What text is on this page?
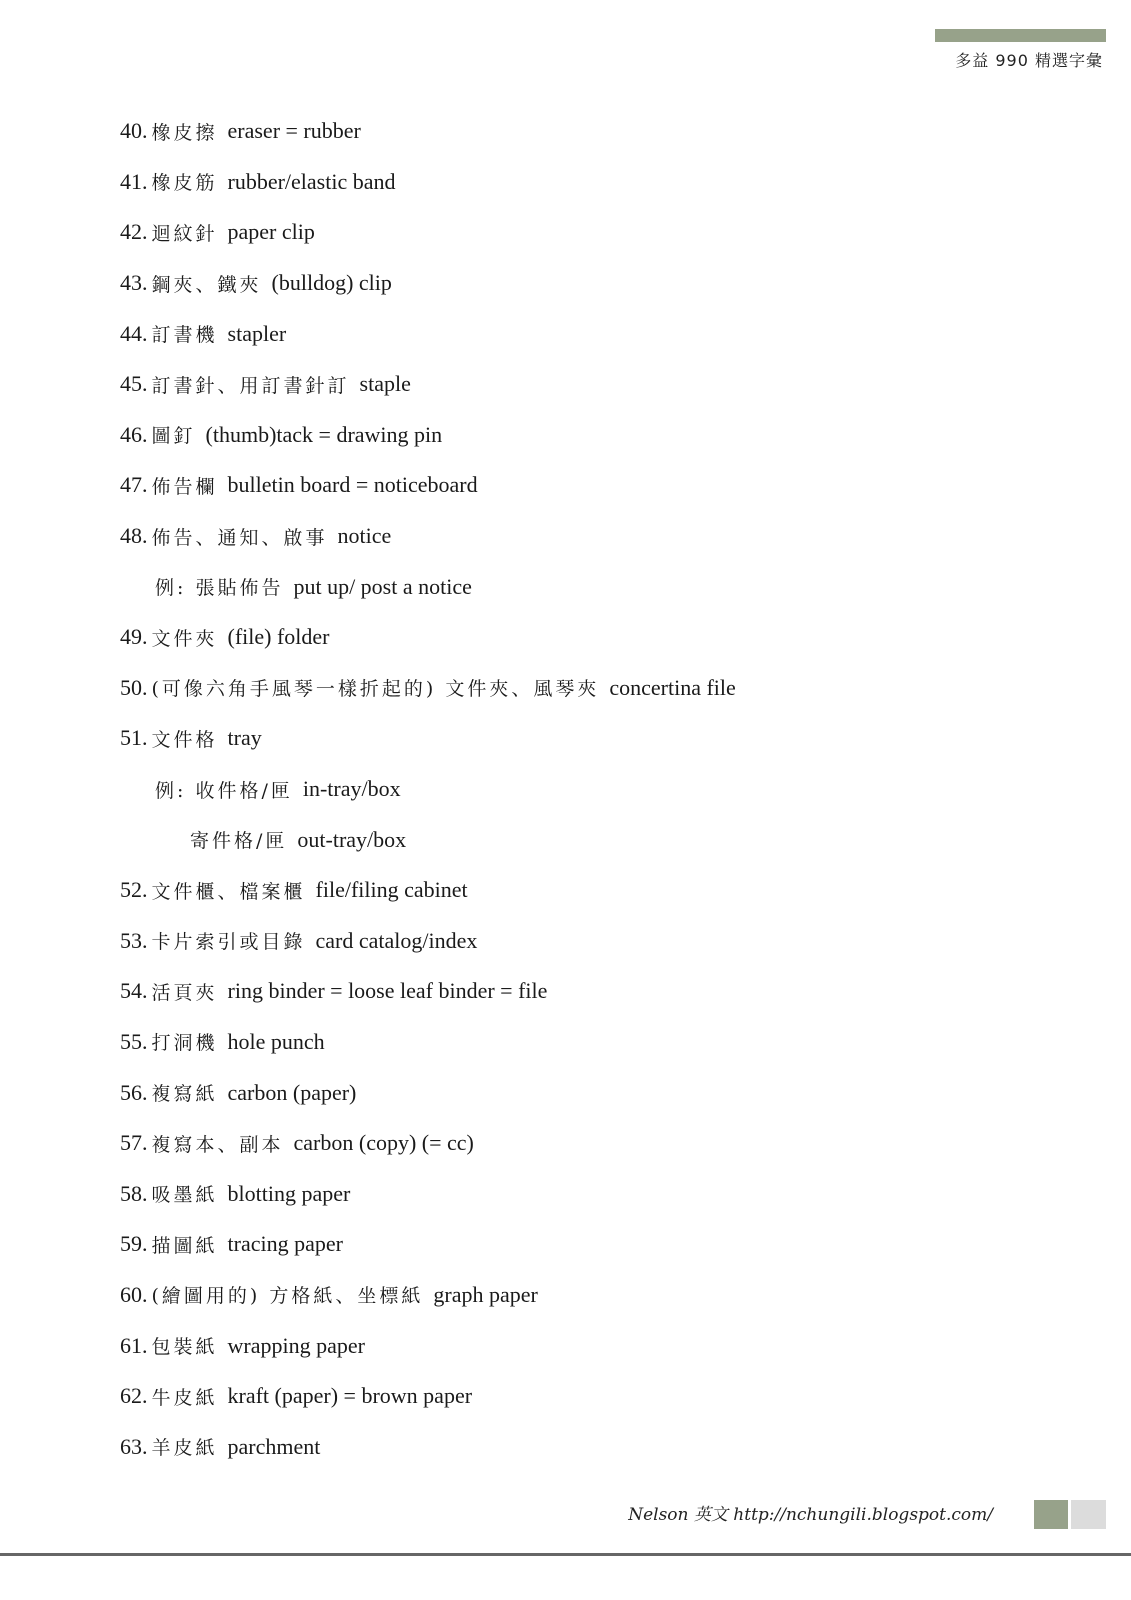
多益 990 精選字彙
40. 橡皮擦 eraser = rubber
41. 橡皮筋 rubber/elastic band
42. 迴紋針 paper clip
43. 鋼夾、鐵夾 (bulldog) clip
44. 訂書機 stapler
45. 訂書針、用訂書針訂 staple
46. 圖釘 (thumb)tack = drawing pin
47. 佈告欄 bulletin board = noticeboard
48. 佈告、通知、啟事 notice
例: 張貼佈告 put up/ post a notice
49. 文件夾 (file) folder
50. (可像六角手風琴一樣折起的) 文件夾、風琴夾 concertina file
51. 文件格 tray
例: 收件格/匣 in-tray/box
寄件格/匣 out-tray/box
52. 文件櫃、檔案櫃 file/filing cabinet
53. 卡片索引或目錄 card catalog/index
54. 活頁夾 ring binder = loose leaf binder = file
55. 打洞機 hole punch
56. 複寫紙 carbon (paper)
57. 複寫本、副本 carbon (copy) (= cc)
58. 吸墨紙 blotting paper
59. 描圖紙 tracing paper
60. (繪圖用的) 方格紙、坐標紙 graph paper
61. 包裝紙 wrapping paper
62. 牛皮紙 kraft (paper) = brown paper
63. 羊皮紙 parchment
Nelson 英文 http://nchungili.blogspot.com/
